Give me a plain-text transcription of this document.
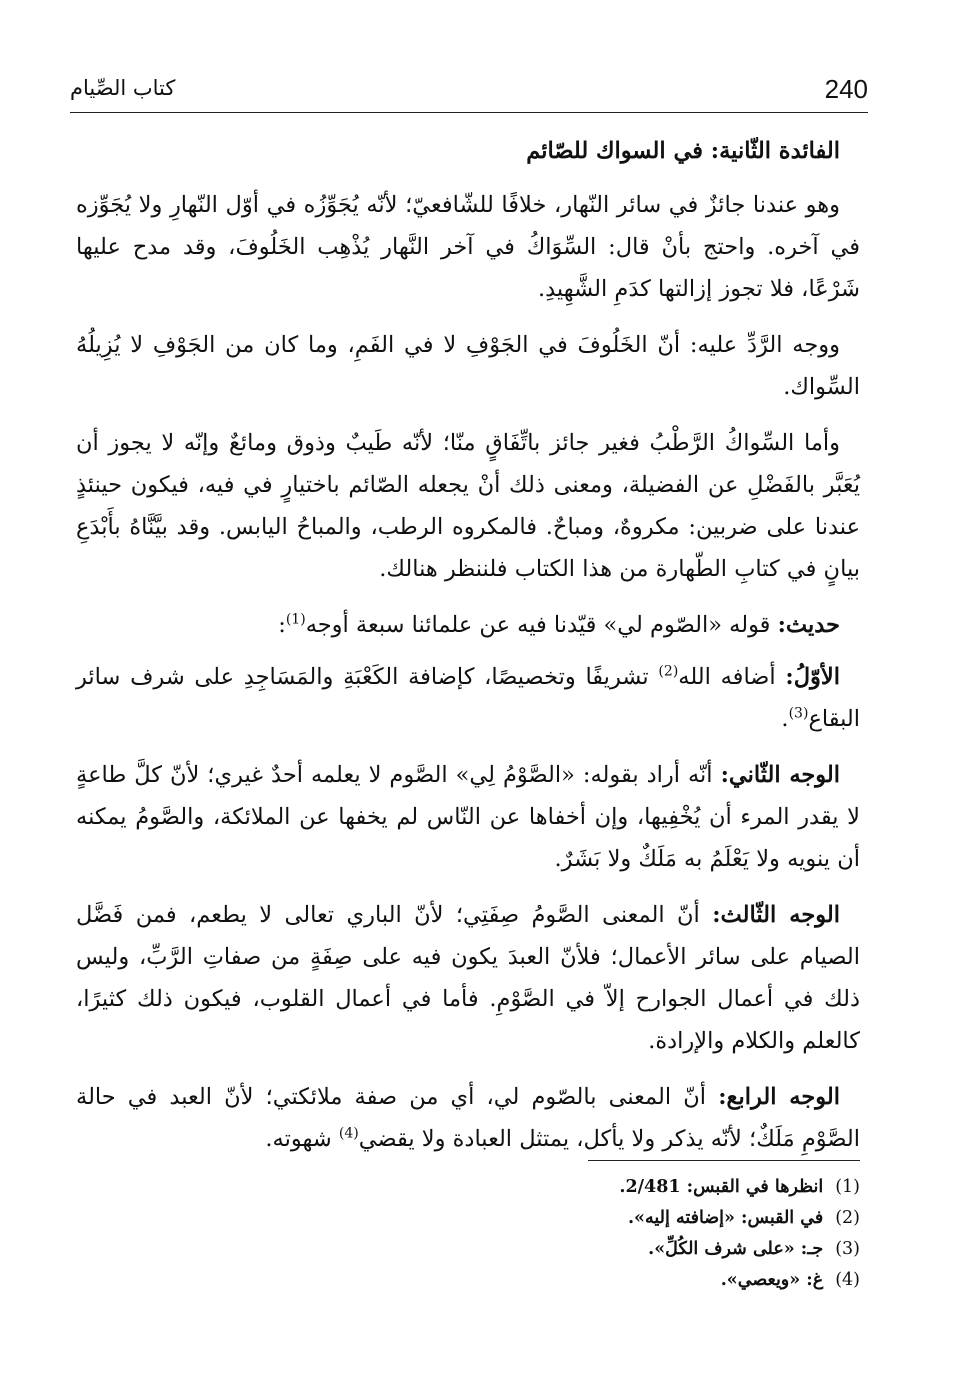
240
كتاب الصِّيام

الفائدة الثّانية: في السواك للصّائم

وهو عندنا جائزٌ في سائر النّهار، خلافًا للشّافعيّ؛ لأنّه يُجَوِّزُه في أوّل النّهارِ ولا يُجَوِّزه في آخره. واحتج بأنْ قال: السِّوَاكُ في آخر النَّهار يُذْهِب الخَلُوفَ، وقد مدح عليها شَرْعًا، فلا تجوز إزالتها كدَمِ الشَّهِيدِ.

ووجه الرَّدِّ عليه: أنّ الخَلُوفَ في الجَوْفِ لا في الفَمِ، وما كان من الجَوْفِ لا يُزِيلُهُ السِّواك.

وأما السِّواكُ الرَّطْبُ فغير جائز باتِّفَاقٍ منّا؛ لأنّه طَيبٌ وذوق ومائعٌ وإنّه لا يجوز أن يُعَبَّر بالفَضْلِ عن الفضيلة، ومعنى ذلك أنْ يجعله الصّائم باختيارٍ في فيه، فيكون حينئذٍ عندنا على ضربين: مكروهٌ، ومباحٌ. فالمكروه الرطب، والمباحُ اليابس. وقد بيَّنَّاهُ بأَبْدَعِ بيانٍ في كتابِ الطّهارة من هذا الكتاب فلننظر هنالك.

حديث: قوله «الصّوم لي» قيّدنا فيه عن علمائنا سبعة أوجه$^{(1)}$:

الأوّلُ: أضافه الله$^{(2)}$ تشريفًا وتخصيصًا، كإضافة الكَعْبَةِ والمَسَاجِدِ على شرف سائر البقاع$^{(3)}$.

الوجه الثّاني: أنّه أراد بقوله: «الصَّوْمُ لِي» الصَّوم لا يعلمه أحدٌ غيري؛ لأنّ كلَّ طاعةٍ لا يقدر المرء أن يُخْفِيها، وإن أخفاها عن النّاس لم يخفها عن الملائكة، والصَّومُ يمكنه أن ينويه ولا يَعْلَمُ به مَلَكٌ ولا بَشَرٌ.

الوجه الثّالث: أنّ المعنى الصَّومُ صِفَتِي؛ لأنّ الباري تعالى لا يطعم، فمن فَضَّل الصيام على سائر الأعمال؛ فلأنّ العبدَ يكون فيه على صِفَةٍ من صفاتِ الرَّبِّ، وليس ذلك في أعمال الجوارح إلاّ في الصَّوْمِ. فأما في أعمال القلوب، فيكون ذلك كثيرًا، كالعلم والكلام والإرادة.

الوجه الرابع: أنّ المعنى بالصّوم لي، أي من صفة ملائكتي؛ لأنّ العبد في حالة الصَّوْمِ مَلَكٌ؛ لأنّه يذكر ولا يأكل، يمتثل العبادة ولا يقضي$^{(4)}$ شهوته.

(1)انظرها في القبس: 2/481.
(2)في القبس: «إضافته إليه».
(3)جـ: «على شرف الكُلِّ».
(4)غ: «ويعصي».
